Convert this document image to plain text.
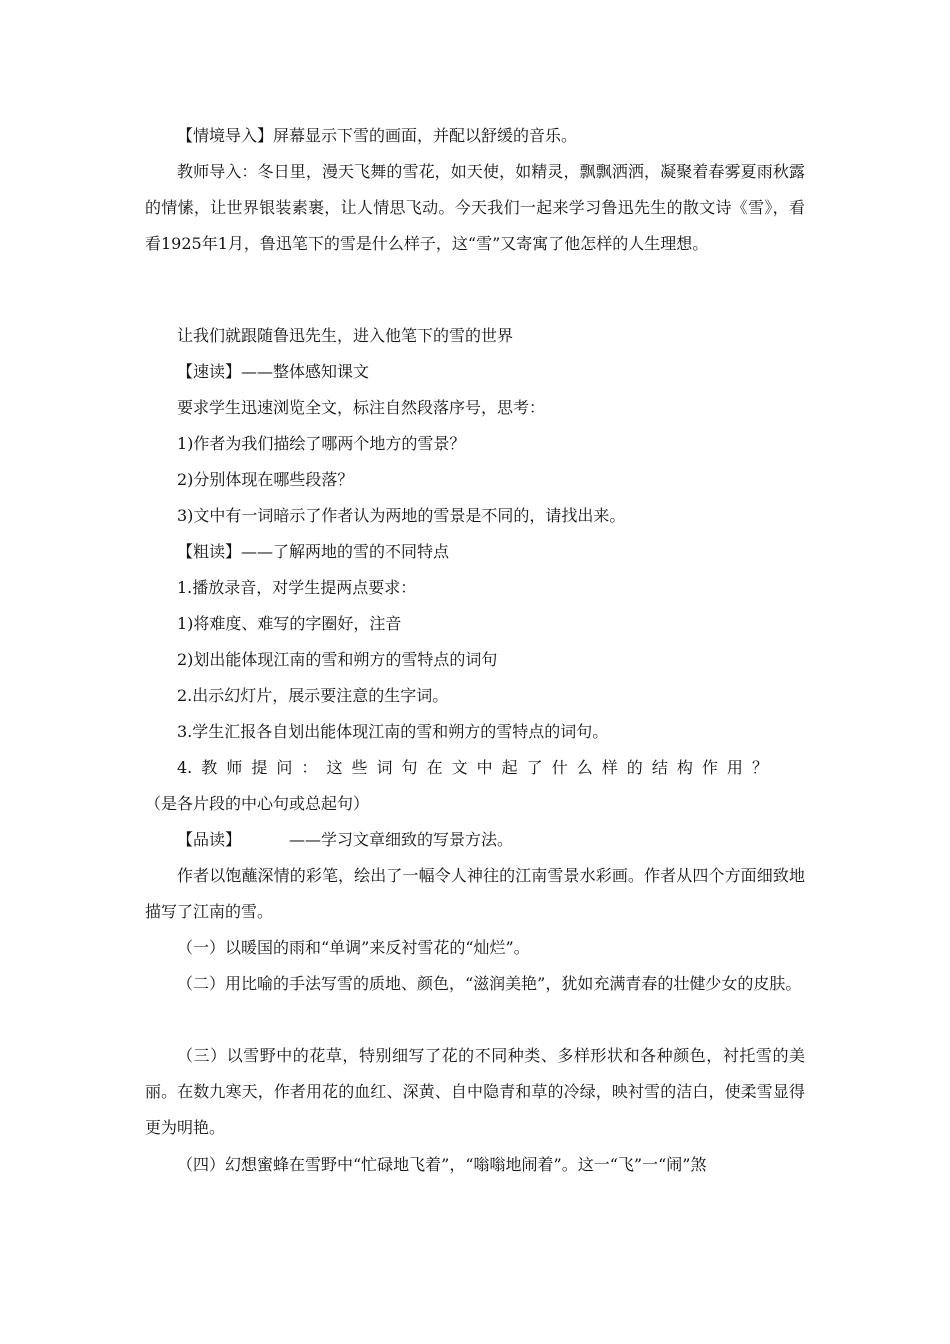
【情境导入】屏幕显示下雪的画面，并配以舒缓的音乐。

教师导入：冬日里，漫天飞舞的雪花，如天使，如精灵，飘飘洒洒，凝聚着春雾夏雨秋露的情愫，让世界银装素裹，让人情思飞动。今天我们一起来学习鲁迅先生的散文诗《雪》，看看1925年1月，鲁迅笔下的雪是什么样子，这“雪”又寄寓了他怎样的人生理想。

让我们就跟随鲁迅先生，进入他笔下的雪的世界

【速读】——整体感知课文

要求学生迅速浏览全文，标注自然段落序号，思考：

1)作者为我们描绘了哪两个地方的雪景？

2)分别体现在哪些段落？

3)文中有一词暗示了作者认为两地的雪景是不同的，请找出来。

【粗读】——了解两地的雪的不同特点

1.播放录音，对学生提两点要求：

1)将难度、难写的字圈好，注音

2)划出能体现江南的雪和朔方的雪特点的词句

2.出示幻灯片，展示要注意的生字词。

3.学生汇报各自划出能体现江南的雪和朔方的雪特点的词句。

4.教师提问：这些词句在文中起了什么样的结构作用？（是各片段的中心句或总起句）

【品读】	——学习文章细致的写景方法。

作者以饱蘸深情的彩笔，绘出了一幅令人神往的江南雪景水彩画。作者从四个方面细致地描写了江南的雪。

（一）以暖国的雨和“单调”来反衬雪花的“灿烂”。

（二）用比喻的手法写雪的质地、颜色，“滋润美艳”，犹如充满青春的壮健少女的皮肤。

（三）以雪野中的花草，特别细写了花的不同种类、多样形状和各种颜色，衬托雪的美丽。在数九寒天，作者用花的血红、深黄、自中隐青和草的冷绿，映衬雪的洁白，使柔雪显得更为明艳。

（四）幻想蜜蜂在雪野中“忙碌地飞着”，“嗡嗡地闹着”。这一“飞”一“闹”煞
